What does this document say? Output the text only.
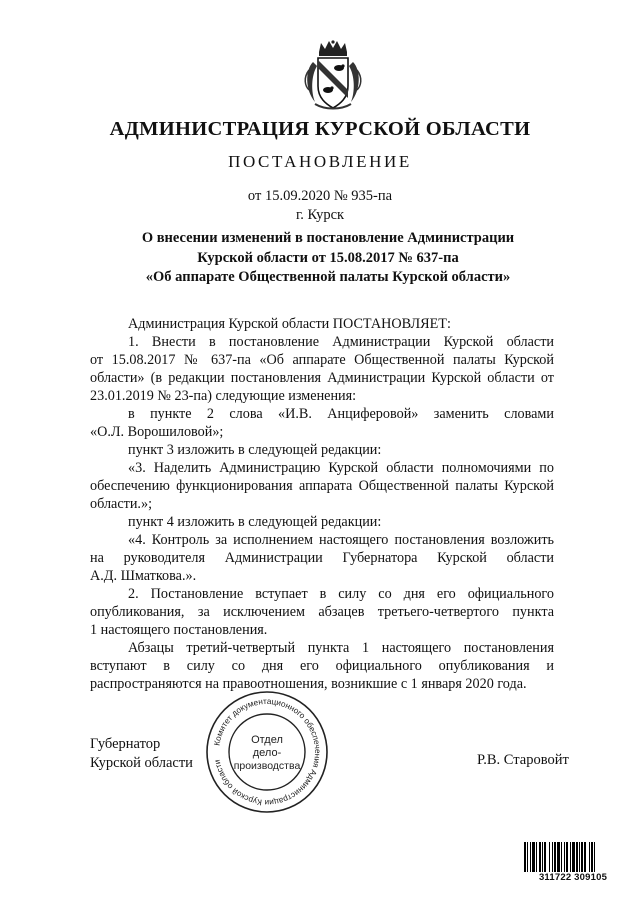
АДМИНИСТРАЦИЯ КУРСКОЙ ОБЛАСТИ
ПОСТАНОВЛЕНИЕ
от 15.09.2020 № 935-па
г. Курск
О внесении изменений в постановление Администрации
Курской области от 15.08.2017 № 637-па
«Об аппарате Общественной палаты Курской области»
Администрация Курской области ПОСТАНОВЛЯЕТ:
1. Внести в постановление Администрации Курской области
от 15.08.2017 № 637-па «Об аппарате Общественной палаты Курской
области» (в редакции постановления Администрации Курской области от
23.01.2019 № 23-па) следующие изменения:
в пункте 2 слова «И.В. Анциферовой» заменить словами
«О.Л. Ворошиловой»;
пункт 3 изложить в следующей редакции:
«3. Наделить Администрацию Курской области полномочиями по
обеспечению функционирования аппарата Общественной палаты Курской
области.»;
пункт 4 изложить в следующей редакции:
«4. Контроль за исполнением настоящего постановления возложить
на руководителя Администрации Губернатора Курской области
А.Д. Шматкова.».
2. Постановление вступает в силу со дня его официального
опубликования, за исключением абзацев третьего-четвертого пункта
1 настоящего постановления.
Абзацы третий-четвертый пункта 1 настоящего постановления
вступают в силу со дня его официального опубликования и
распространяются на правоотношения, возникшие с 1 января 2020 года.
Комитет документационного обеспечения Администрации Курской области
Отдел
дело-
производства
Губернатор
Курской области	Р.В. Старовойт
311722 309105
